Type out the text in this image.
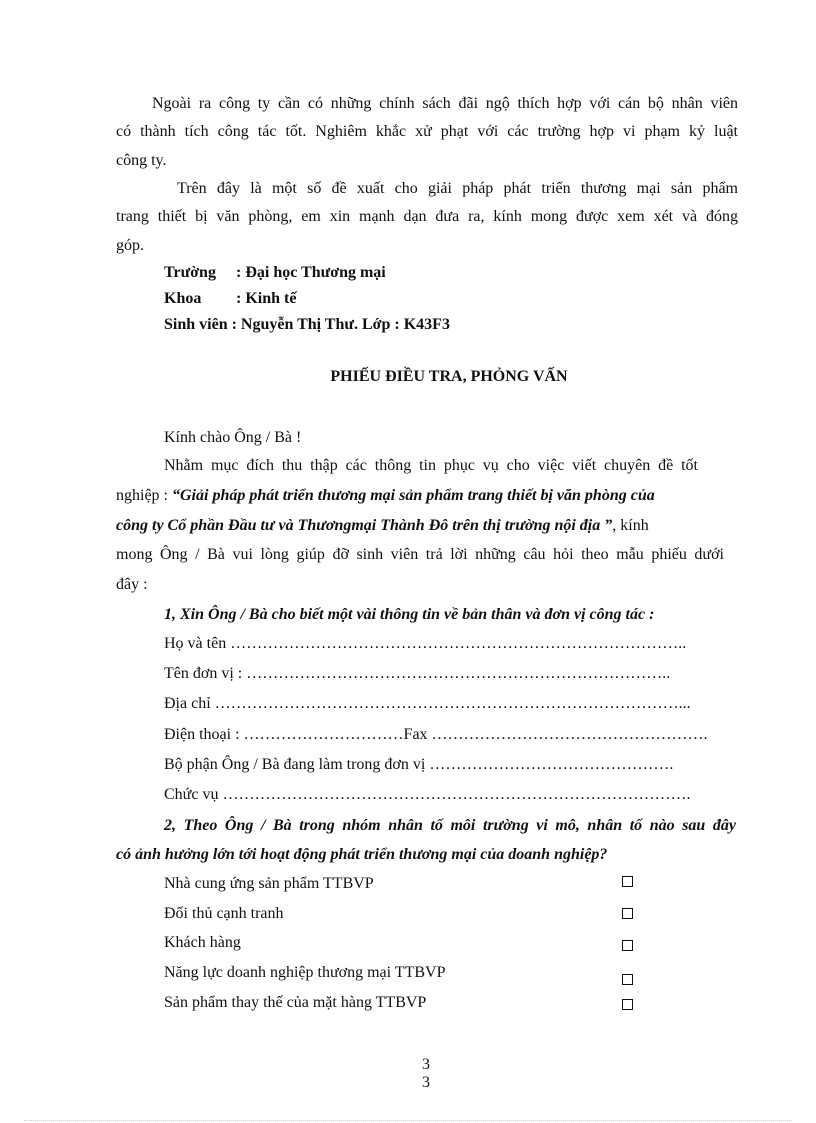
Ngoài ra công ty cần có những chính sách đãi ngộ thích hợp với cán bộ nhân viên
có thành tích công tác tốt. Nghiêm khắc xử phạt với các trường hợp vi phạm kỷ luật
công ty.
Trên đây là một số đề xuất cho giải pháp phát triển thương mại sản phẩm
trang thiết bị văn phòng, em xin mạnh dạn đưa ra, kính mong được xem xét và đóng
góp.
Trường : Đại học Thương mại
Khoa : Kinh tế
Sinh viên : Nguyễn Thị Thư. Lớp : K43F3
PHIẾU ĐIỀU TRA, PHỎNG VẤN
Kính chào Ông / Bà !
Nhằm mục đích thu thập các thông tin phục vụ cho việc viết chuyên đề tốt
nghiệp : “Giải pháp phát triển thương mại sản phẩm trang thiết bị văn phòng của
công ty Cổ phần Đầu tư và Thươngmại Thành Đô trên thị trường nội địa ”, kính
mong Ông / Bà vui lòng giúp đỡ sinh viên trả lời những câu hỏi theo mẫu phiếu dưới
đây :
1, Xin Ông / Bà cho biết một vài thông tin về bản thân và đơn vị công tác :
Họ và tên …………………………………………………………………………..
Tên đơn vị : ……………………………………………………………………..
Địa chỉ ……………………………………………………………………………...
Điện thoại : …………………………Fax …………………………………………….
Bộ phận Ông / Bà đang làm trong đơn vị ……………………………………….
Chức vụ …………………………………………………………………………….
2, Theo Ông / Bà trong nhóm nhân tố môi trường vi mô, nhân tố nào sau đây
có ảnh hưởng lớn tới hoạt động phát triển thương mại của doanh nghiệp?
Nhà cung ứng sản phẩm TTBVP
Đối thủ cạnh tranh
Khách hàng
Năng lực doanh nghiệp thương mại TTBVP
Sản phẩm thay thế của mặt hàng TTBVP
3
3
